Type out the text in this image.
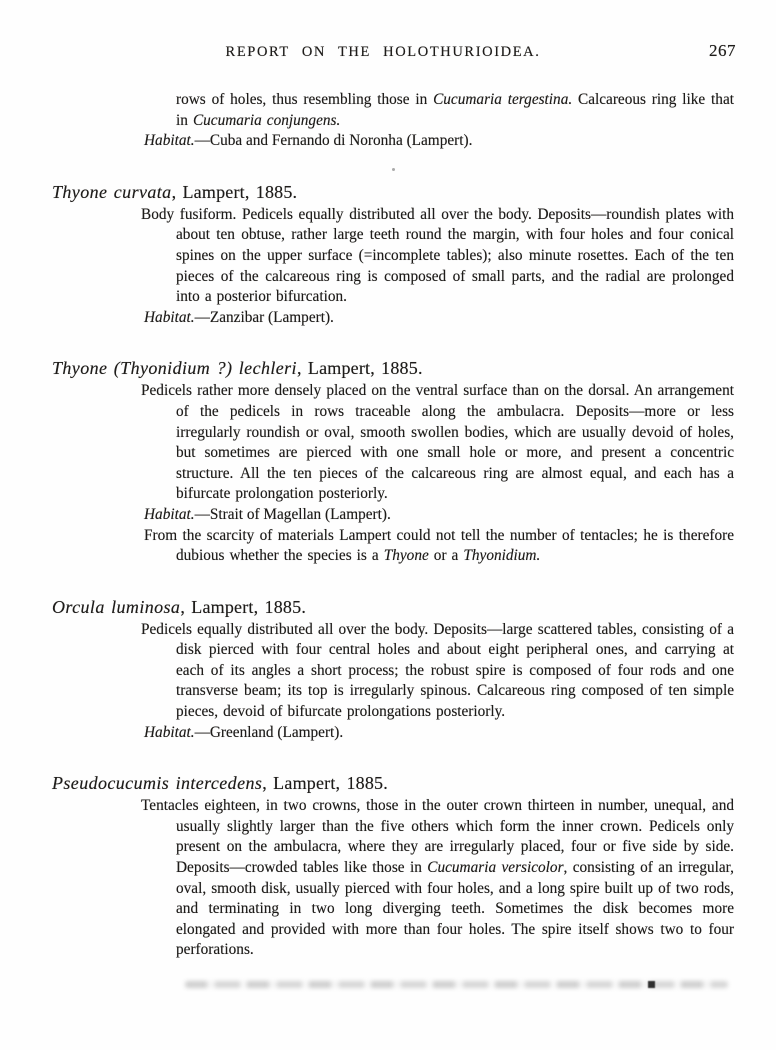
REPORT ON THE HOLOTHURIOIDEA.	267

rows of holes, thus resembling those in Cucumaria tergestina. Calcareous ring like that in Cucumaria conjungens.

Habitat.—Cuba and Fernando di Noronha (Lampert).

Thyone curvata, Lampert, 1885.

Body fusiform. Pedicels equally distributed all over the body. Deposits—roundish plates with about ten obtuse, rather large teeth round the margin, with four holes and four conical spines on the upper surface (=incomplete tables); also minute rosettes. Each of the ten pieces of the calcareous ring is composed of small parts, and the radial are prolonged into a posterior bifurcation.

Habitat.—Zanzibar (Lampert).

Thyone (Thyonidium ?) lechleri, Lampert, 1885.

Pedicels rather more densely placed on the ventral surface than on the dorsal. An arrangement of the pedicels in rows traceable along the ambulacra. Deposits—more or less irregularly roundish or oval, smooth swollen bodies, which are usually devoid of holes, but sometimes are pierced with one small hole or more, and present a concentric structure. All the ten pieces of the calcareous ring are almost equal, and each has a bifurcate prolongation posteriorly.

Habitat.—Strait of Magellan (Lampert).

From the scarcity of materials Lampert could not tell the number of tentacles; he is therefore dubious whether the species is a Thyone or a Thyonidium.

Orcula luminosa, Lampert, 1885.

Pedicels equally distributed all over the body. Deposits—large scattered tables, consisting of a disk pierced with four central holes and about eight peripheral ones, and carrying at each of its angles a short process; the robust spire is composed of four rods and one transverse beam; its top is irregularly spinous. Calcareous ring composed of ten simple pieces, devoid of bifurcate prolongations posteriorly.

Habitat.—Greenland (Lampert).

Pseudocucumis intercedens, Lampert, 1885.

Tentacles eighteen, in two crowns, those in the outer crown thirteen in number, unequal, and usually slightly larger than the five others which form the inner crown. Pedicels only present on the ambulacra, where they are irregularly placed, four or five side by side. Deposits—crowded tables like those in Cucumaria versicolor, consisting of an irregular, oval, smooth disk, usually pierced with four holes, and a long spire built up of two rods, and terminating in two long diverging teeth. Sometimes the disk becomes more elongated and provided with more than four holes. The spire itself shows two to four perforations.
